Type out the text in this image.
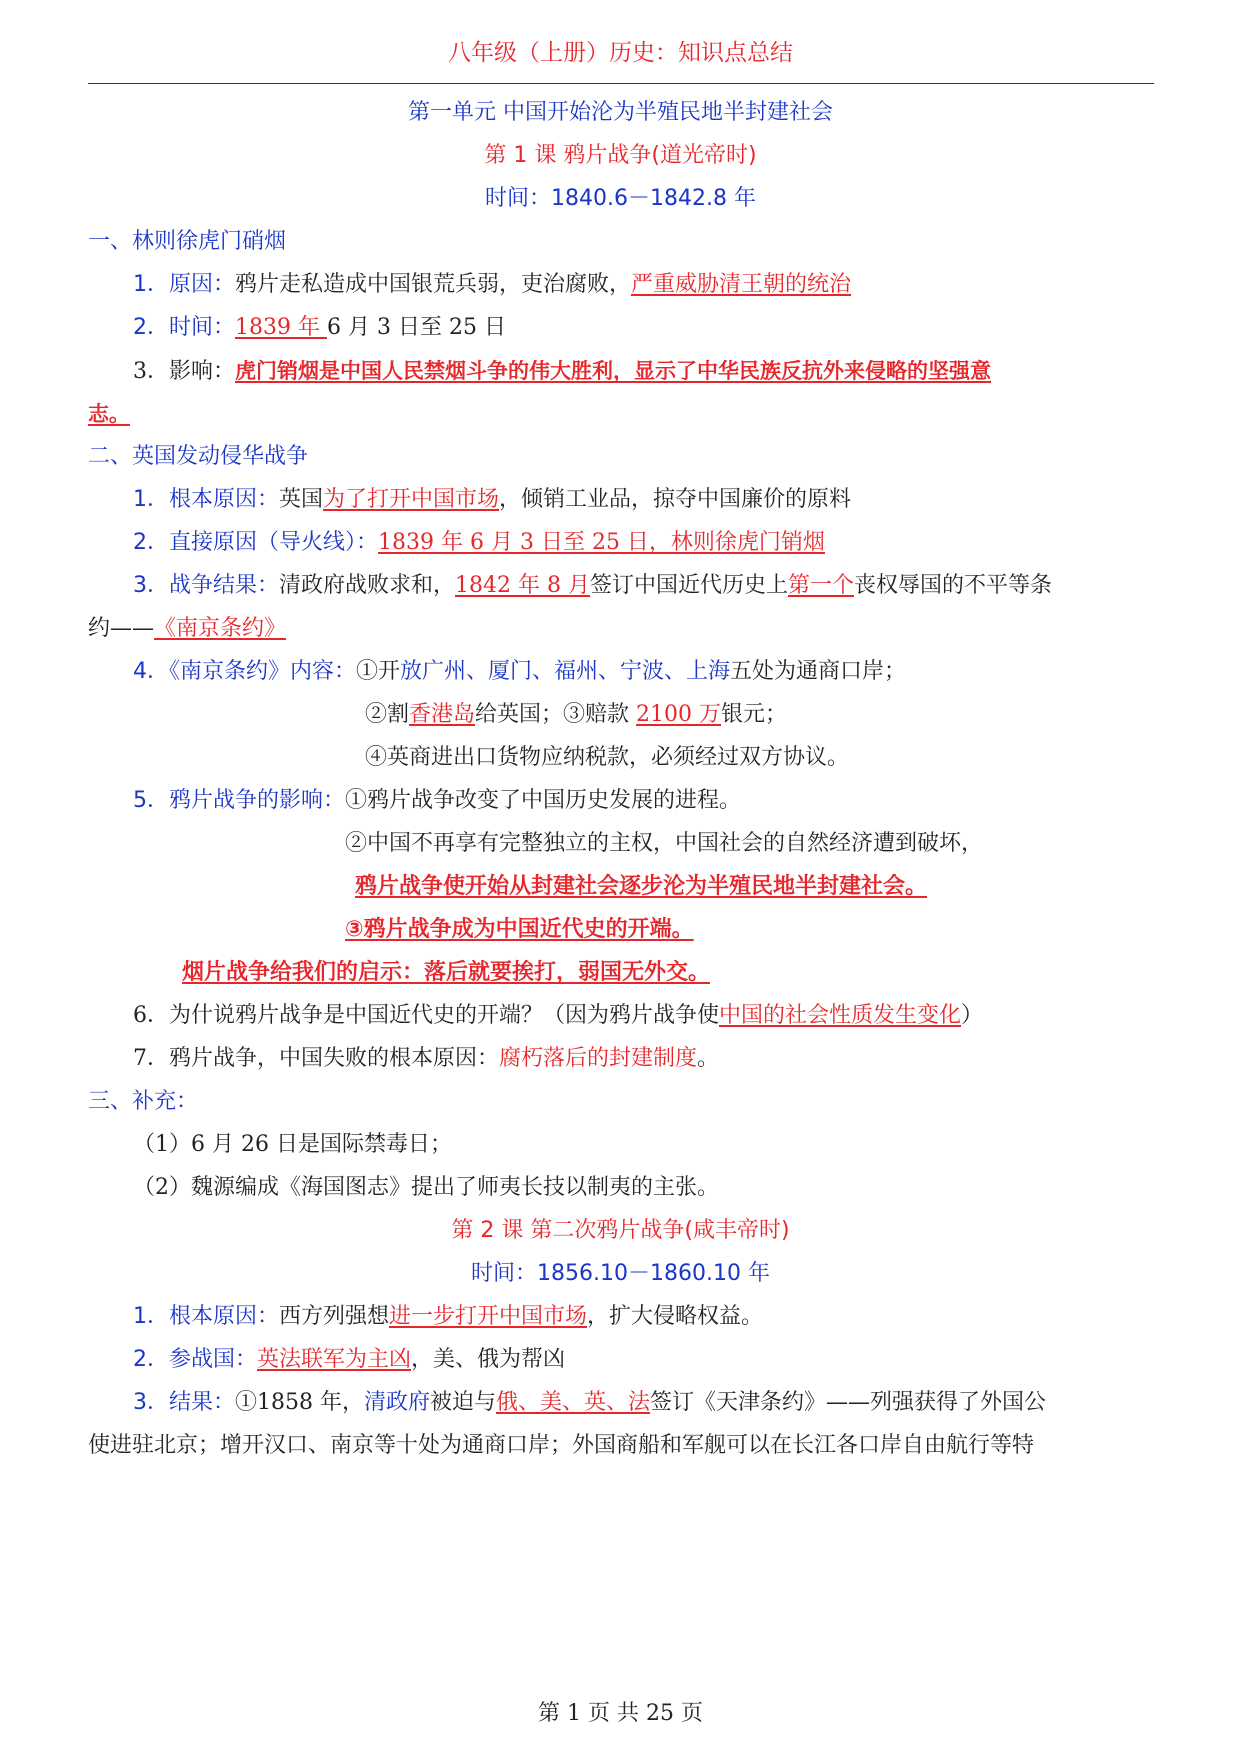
八年级（上册）历史：知识点总结
第一单元 中国开始沦为半殖民地半封建社会
第 1 课 鸦片战争(道光帝时)
时间：1840.6－1842.8 年
一、林则徐虎门硝烟
1．原因：鸦片走私造成中国银荒兵弱，吏治腐败，严重威胁清王朝的统治
2．时间：1839 年 6 月 3 日至 25 日
3．影响：虎门销烟是中国人民禁烟斗争的伟大胜利，显示了中华民族反抗外来侵略的坚强意
志。
二、英国发动侵华战争
1．根本原因：英国为了打开中国市场，倾销工业品，掠夺中国廉价的原料
2．直接原因（导火线）：1839 年 6 月 3 日至 25 日，林则徐虎门销烟
3．战争结果：清政府战败求和，1842 年 8 月签订中国近代历史上第一个丧权辱国的不平等条
约——《南京条约》
4．《南京条约》内容：①开放广州、厦门、福州、宁波、上海五处为通商口岸；
②割香港岛给英国；③赔款 2100 万银元；
④英商进出口货物应纳税款，必须经过双方协议。
5．鸦片战争的影响：①鸦片战争改变了中国历史发展的进程。
②中国不再享有完整独立的主权，中国社会的自然经济遭到破坏，
鸦片战争使开始从封建社会逐步沦为半殖民地半封建社会。
③鸦片战争成为中国近代史的开端。
烟片战争给我们的启示：落后就要挨打，弱国无外交。
6．为什说鸦片战争是中国近代史的开端？（因为鸦片战争使中国的社会性质发生变化）
7．鸦片战争，中国失败的根本原因：腐朽落后的封建制度。
三、补充：
（1）6 月 26 日是国际禁毒日；
（2）魏源编成《海国图志》提出了师夷长技以制夷的主张。
第 2 课 第二次鸦片战争(咸丰帝时)
时间：1856.10－1860.10 年
1．根本原因：西方列强想进一步打开中国市场，扩大侵略权益。
2．参战国：英法联军为主凶，美、俄为帮凶
3．结果：①1858 年，清政府被迫与俄、美、英、法签订《天津条约》——列强获得了外国公
使进驻北京；增开汉口、南京等十处为通商口岸；外国商船和军舰可以在长江各口岸自由航行等特
第 1 页 共 25 页
